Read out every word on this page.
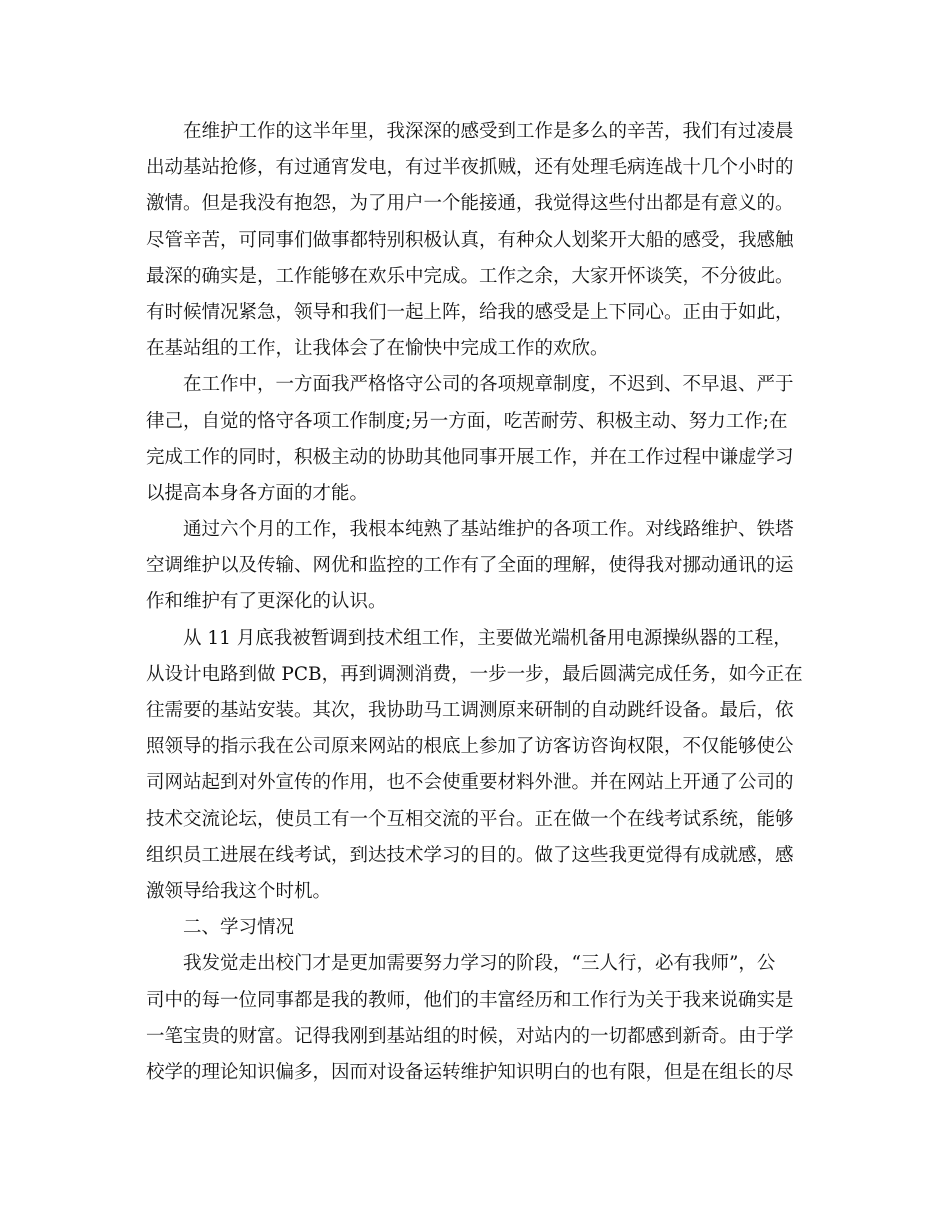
在维护工作的这半年里，我深深的感受到工作是多么的辛苦，我们有过凌晨
出动基站抢修，有过通宵发电，有过半夜抓贼，还有处理毛病连战十几个小时的
激情。但是我没有抱怨，为了用户一个能接通，我觉得这些付出都是有意义的。
尽管辛苦，可同事们做事都特别积极认真，有种众人划桨开大船的感受，我感触
最深的确实是，工作能够在欢乐中完成。工作之余，大家开怀谈笑，不分彼此。
有时候情况紧急，领导和我们一起上阵，给我的感受是上下同心。正由于如此，
在基站组的工作，让我体会了在愉快中完成工作的欢欣。
在工作中，一方面我严格恪守公司的各项规章制度，不迟到、不早退、严于
律己，自觉的恪守各项工作制度;另一方面，吃苦耐劳、积极主动、努力工作;在
完成工作的同时，积极主动的协助其他同事开展工作，并在工作过程中谦虚学习
以提高本身各方面的才能。
通过六个月的工作，我根本纯熟了基站维护的各项工作。对线路维护、铁塔
空调维护以及传输、网优和监控的工作有了全面的理解，使得我对挪动通讯的运
作和维护有了更深化的认识。
从 11 月底我被暂调到技术组工作，主要做光端机备用电源操纵器的工程，
从设计电路到做 PCB，再到调测消费，一步一步，最后圆满完成任务，如今正在
往需要的基站安装。其次，我协助马工调测原来研制的自动跳纤设备。最后，依
照领导的指示我在公司原来网站的根底上参加了访客访咨询权限，不仅能够使公
司网站起到对外宣传的作用，也不会使重要材料外泄。并在网站上开通了公司的
技术交流论坛，使员工有一个互相交流的平台。正在做一个在线考试系统，能够
组织员工进展在线考试，到达技术学习的目的。做了这些我更觉得有成就感，感
激领导给我这个时机。
二、学习情况
我发觉走出校门才是更加需要努力学习的阶段，“三人行，必有我师”，公
司中的每一位同事都是我的教师，他们的丰富经历和工作行为关于我来说确实是
一笔宝贵的财富。记得我刚到基站组的时候，对站内的一切都感到新奇。由于学
校学的理论知识偏多，因而对设备运转维护知识明白的也有限，但是在组长的尽
